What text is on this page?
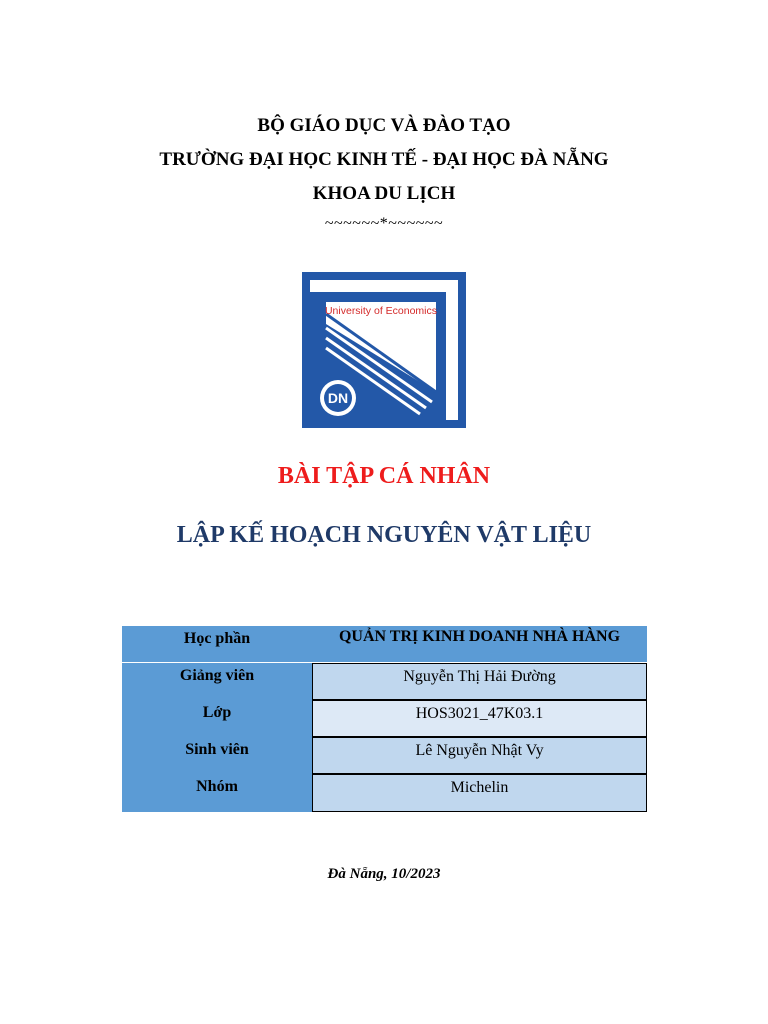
BỘ GIÁO DỤC VÀ ĐÀO TẠO
TRƯỜNG ĐẠI HỌC KINH TẾ - ĐẠI HỌC ĐÀ NẴNG
KHOA DU LỊCH
~~~~~~*~~~~~~
University of Economics
DN
BÀI TẬP CÁ NHÂN
LẬP KẾ HOẠCH NGUYÊN VẬT LIỆU
Học phần	QUẢN TRỊ KINH DOANH NHÀ HÀNG
Giảng viên	Nguyễn Thị Hải Đường
Lớp	HOS3021_47K03.1
Sinh viên	Lê Nguyễn Nhật Vy
Nhóm	Michelin
Đà Nẵng, 10/2023
